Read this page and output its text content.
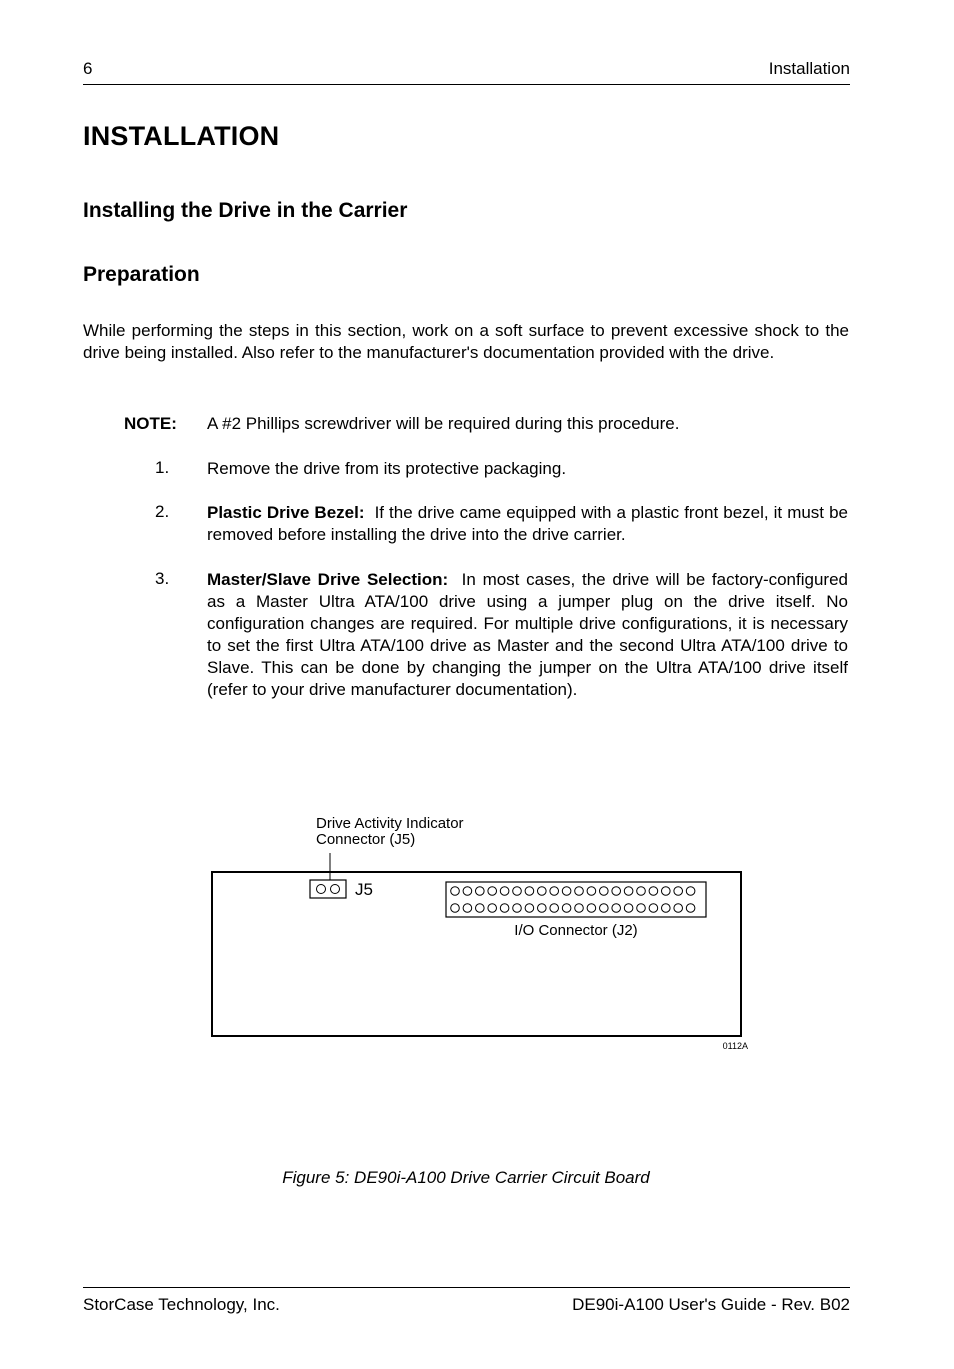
6	Installation
INSTALLATION
Installing the Drive in the Carrier
Preparation

While performing the steps in this section, work on a soft surface to prevent excessive shock to the drive being installed. Also refer to the manufacturer's documentation provided with the drive.

NOTE: A #2 Phillips screwdriver will be required during this procedure.
1. Remove the drive from its protective packaging.

2. Plastic Drive Bezel: If the drive came equipped with a plastic front bezel, it must be removed before installing the drive into the drive carrier.

3. Master/Slave Drive Selection: In most cases, the drive will be factory-configured as a Master Ultra ATA/100 drive using a jumper plug on the drive itself. No configuration changes are required. For multiple drive configurations, it is necessary to set the first Ultra ATA/100 drive as Master and the second Ultra ATA/100 drive to Slave. This can be done by changing the jumper on the Ultra ATA/100 drive itself (refer to your drive manufacturer documentation).

Drive Activity Indicator
Connector (J5)
J5
I/O Connector (J2)
0112A
Figure 5: DE90i-A100 Drive Carrier Circuit Board
StorCase Technology, Inc.	DE90i-A100 User's Guide - Rev. B02
